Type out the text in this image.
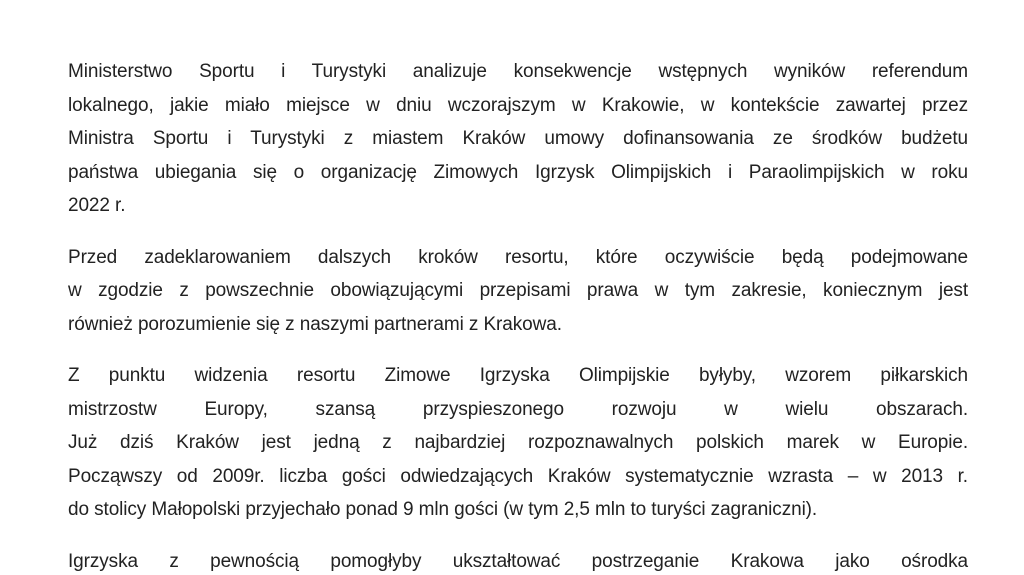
Ministerstwo Sportu i Turystyki analizuje konsekwencje wstępnych wyników referendum
lokalnego, jakie miało miejsce w dniu wczorajszym w Krakowie, w kontekście zawartej przez
Ministra Sportu i Turystyki z miastem Kraków umowy dofinansowania ze środków budżetu
państwa ubiegania się o organizację Zimowych Igrzysk Olimpijskich i Paraolimpijskich w roku
2022 r.

Przed zadeklarowaniem dalszych kroków resortu, które oczywiście będą podejmowane
w zgodzie z powszechnie obowiązującymi przepisami prawa w tym zakresie, koniecznym jest
również porozumienie się z naszymi partnerami z Krakowa.

Z punktu widzenia resortu Zimowe Igrzyska Olimpijskie byłyby, wzorem piłkarskich
mistrzostw Europy, szansą przyspieszonego rozwoju w wielu obszarach.
Już dziś Kraków jest jedną z najbardziej rozpoznawalnych polskich marek w Europie.
Począwszy od 2009r. liczba gości odwiedzających Kraków systematycznie wzrasta – w 2013 r.
do stolicy Małopolski przyjechało ponad 9 mln gości (w tym 2,5 mln to turyści zagraniczni).

Igrzyska z pewnością pomogłyby ukształtować postrzeganie Krakowa jako ośrodka
